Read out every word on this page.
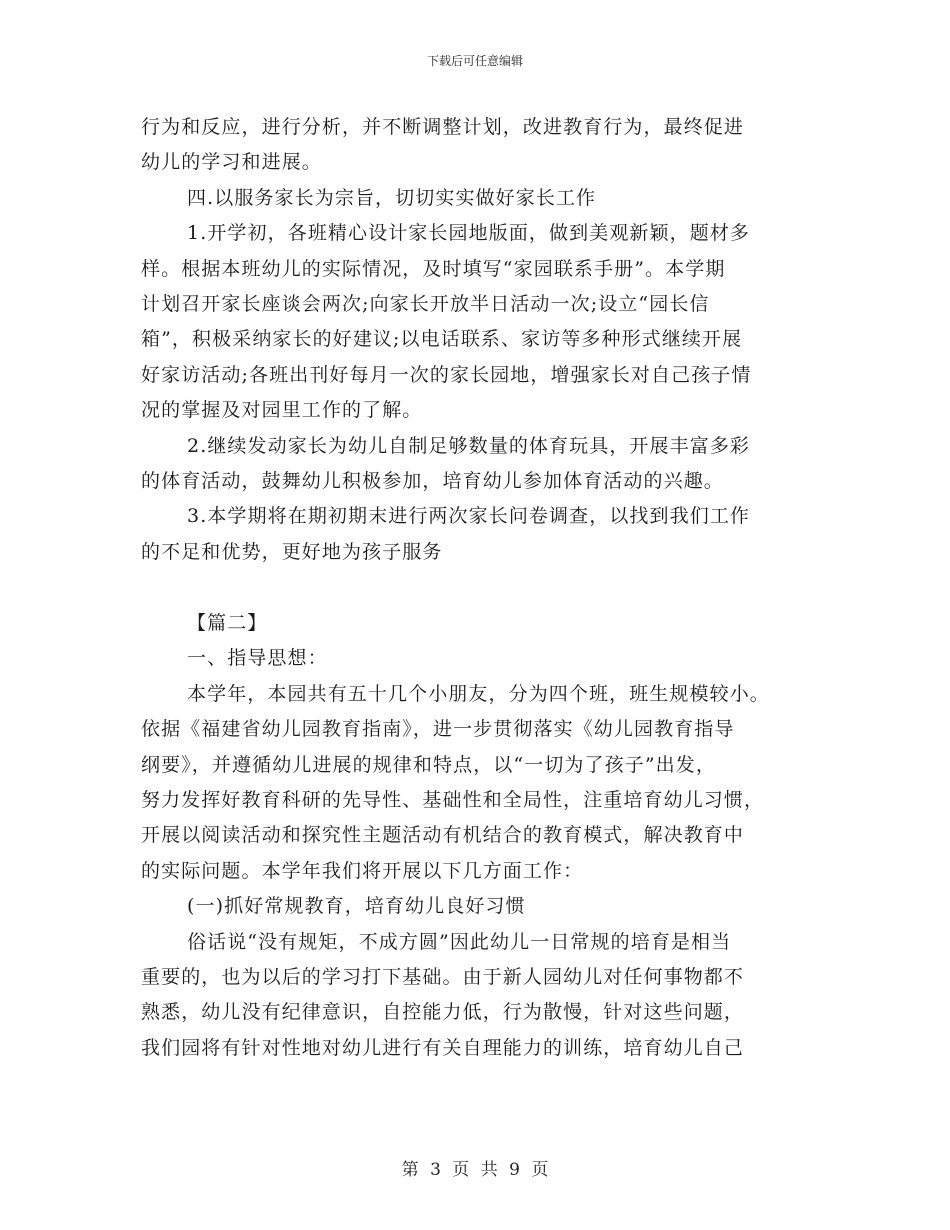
下载后可任意编辑
行为和反应，进行分析，并不断调整计划，改进教育行为，最终促进
幼儿的学习和进展。
四.以服务家长为宗旨，切切实实做好家长工作
1.开学初，各班精心设计家长园地版面，做到美观新颖，题材多
样。根据本班幼儿的实际情况，及时填写“家园联系手册”。本学期
计划召开家长座谈会两次;向家长开放半日活动一次;设立“园长信
箱”，积极采纳家长的好建议;以电话联系、家访等多种形式继续开展
好家访活动;各班出刊好每月一次的家长园地，增强家长对自己孩子情
况的掌握及对园里工作的了解。
2.继续发动家长为幼儿自制足够数量的体育玩具，开展丰富多彩
的体育活动，鼓舞幼儿积极参加，培育幼儿参加体育活动的兴趣。
3.本学期将在期初期末进行两次家长问卷调查，以找到我们工作
的不足和优势，更好地为孩子服务
【篇二】
一、指导思想：
本学年，本园共有五十几个小朋友，分为四个班，班生规模较小。
依据《福建省幼儿园教育指南》，进一步贯彻落实《幼儿园教育指导
纲要》，并遵循幼儿进展的规律和特点，以“一切为了孩子”出发，
努力发挥好教育科研的先导性、基础性和全局性，注重培育幼儿习惯，
开展以阅读活动和探究性主题活动有机结合的教育模式，解决教育中
的实际问题。本学年我们将开展以下几方面工作：
(一)抓好常规教育，培育幼儿良好习惯
俗话说“没有规矩，不成方圆”因此幼儿一日常规的培育是相当
重要的，也为以后的学习打下基础。由于新人园幼儿对任何事物都不
熟悉，幼儿没有纪律意识，自控能力低，行为散慢，针对这些问题，
我们园将有针对性地对幼儿进行有关自理能力的训练，培育幼儿自己
第 3 页 共 9 页
